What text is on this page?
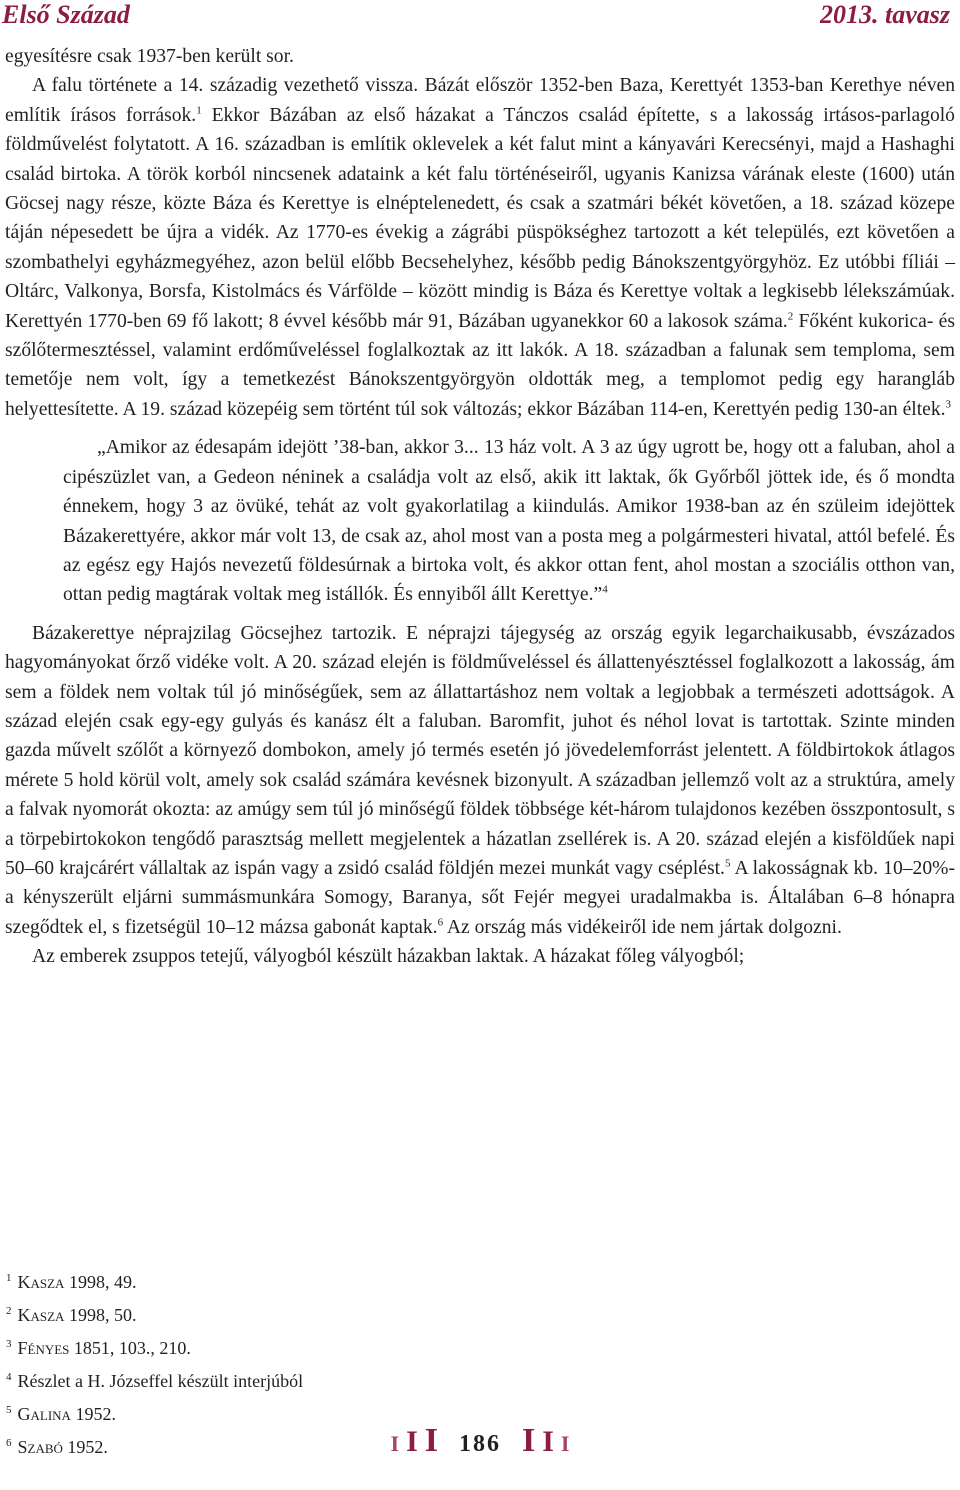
Első Század	2013. tavasz

egyesítésre csak 1937-ben került sor.

A falu története a 14. századig vezethető vissza. Bázát először 1352-ben Baza, Kerettyét 1353-ban Kerethye néven említik írásos források.$^1$ Ekkor Bázában az első házakat a Tánczos család építette, s a lakosság irtásos-parlagoló földművelést folytatott. A 16. században is említik oklevelek a két falut mint a kányavári Kerecsényi, majd a Hashaghi család birtoka. A török korból nincsenek adataink a két falu történéseiről, ugyanis Kanizsa várának eleste (1600) után Göcsej nagy része, közte Báza és Kerettye is elnéptelenedett, és csak a szatmári békét követően, a 18. század közepe táján népesedett be újra a vidék. Az 1770-es évekig a zágrábi püspökséghez tartozott a két település, ezt követően a szombathelyi egyházmegyéhez, azon belül előbb Becsehelyhez, később pedig Bánokszentgyörgyhöz. Ez utóbbi fíliái – Oltárc, Valkonya, Borsfa, Kistolmács és Várfölde – között mindig is Báza és Kerettye voltak a legkisebb lélekszámúak. Kerettyén 1770-ben 69 fő lakott; 8 évvel később már 91, Bázában ugyanekkor 60 a lakosok száma.$^2$ Főként kukorica- és szőlőtermesztéssel, valamint erdőműveléssel foglalkoztak az itt lakók. A 18. században a falunak sem temploma, sem temetője nem volt, így a temetkezést Bánokszentgyörgyön oldották meg, a templomot pedig egy harangláb helyettesítette. A 19. század közepéig sem történt túl sok változás; ekkor Bázában 114-en, Kerettyén pedig 130-an éltek.$^3$

„Amikor az édesapám idejött ’38-ban, akkor 3... 13 ház volt. A 3 az úgy ugrott be, hogy ott a faluban, ahol a cipészüzlet van, a Gedeon néninek a családja volt az első, akik itt laktak, ők Győrből jöttek ide, és ő mondta énnekem, hogy 3 az övüké, tehát az volt gyakorlatilag a kiindulás. Amikor 1938-ban az én szüleim idejöttek Bázakerettyére, akkor már volt 13, de csak az, ahol most van a posta meg a polgármesteri hivatal, attól befelé. És az egész egy Hajós nevezetű földesúrnak a birtoka volt, és akkor ottan fent, ahol mostan a szociális otthon van, ottan pedig magtárak voltak meg istállók. És ennyiből állt Kerettye.”$^4$

Bázakerettye néprajzilag Göcsejhez tartozik. E néprajzi tájegység az ország egyik legarchaikusabb, évszázados hagyományokat őrző vidéke volt. A 20. század elején is földműveléssel és állattenyésztéssel foglalkozott a lakosság, ám sem a földek nem voltak túl jó minőségűek, sem az állattartáshoz nem voltak a legjobbak a természeti adottságok. A század elején csak egy-egy gulyás és kanász élt a faluban. Baromfit, juhot és néhol lovat is tartottak. Szinte minden gazda művelt szőlőt a környező dombokon, amely jó termés esetén jó jövedelemforrást jelentett. A földbirtokok átlagos mérete 5 hold körül volt, amely sok család számára kevésnek bizonyult. A században jellemző volt az a struktúra, amely a falvak nyomorát okozta: az amúgy sem túl jó minőségű földek többsége két-három tulajdonos kezében összpontosult, s a törpebirtokokon tengődő parasztság mellett megjelentek a házatlan zsellérek is. A 20. század elején a kisföldűek napi 50–60 krajcárért vállaltak az ispán vagy a zsidó család földjén mezei munkát vagy cséplést.$^5$ A lakosságnak kb. 10–20%-a kényszerült eljárni summásmunkára Somogy, Baranya, sőt Fejér megyei uradalmakba is. Általában 6–8 hónapra szegődtek el, s fizetségül 10–12 mázsa gabonát kaptak.$^6$ Az ország más vidékeiről ide nem jártak dolgozni.

Az emberek zsuppos tetejű, vályogból készült házakban laktak. A házakat főleg vályogból;

$^1$ Kasza 1998, 49.
$^2$ Kasza 1998, 50.
$^3$ Fényes 1851, 103., 210.
$^4$ Részlet a H. Józseffel készült interjúból
$^5$ Galina 1952.
$^6$ Szabó 1952.	I I I 186 I I I
